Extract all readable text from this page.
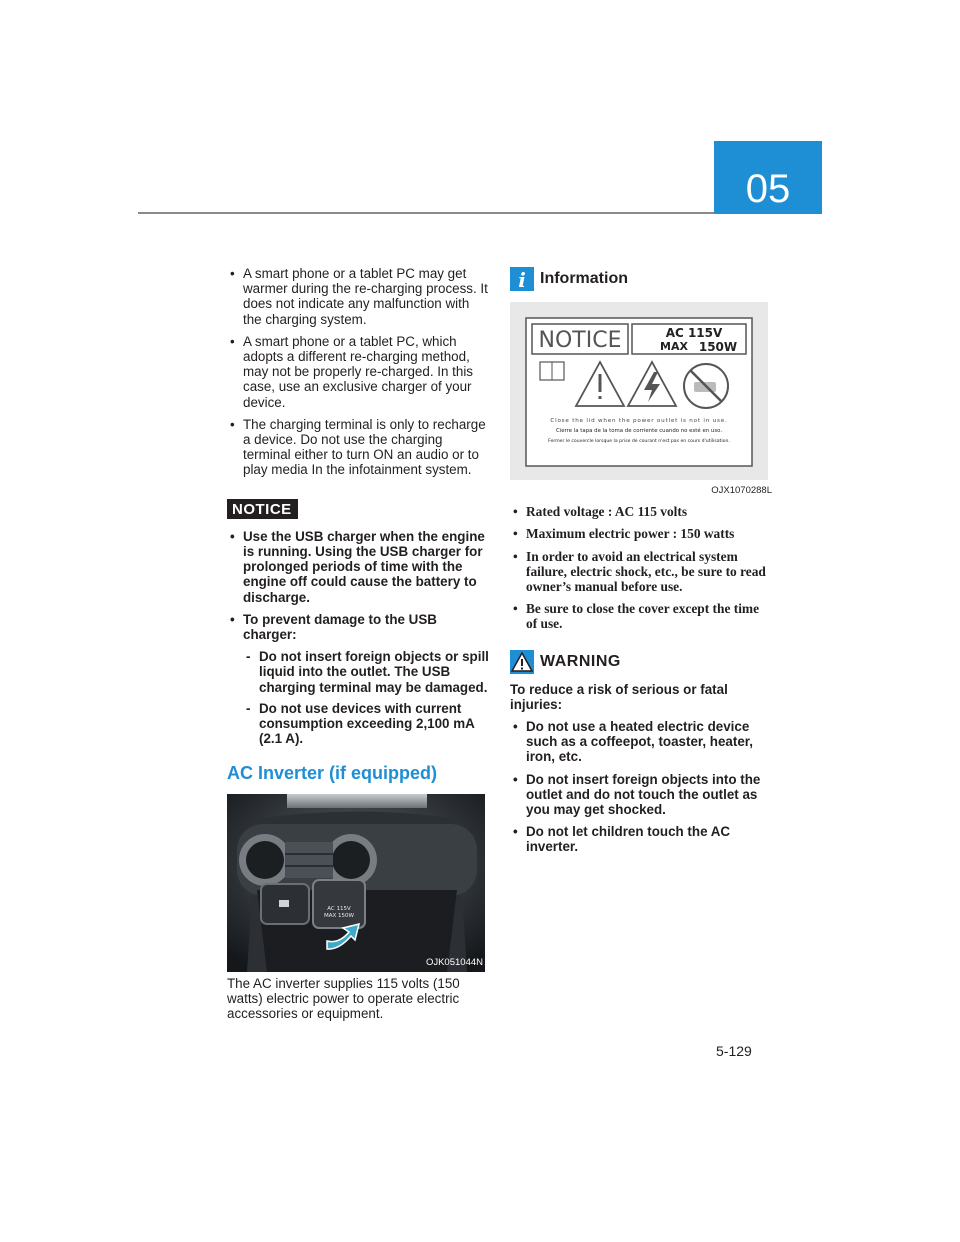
05
• A smart phone or a tablet PC may get warmer during the re-charging process. It does not indicate any malfunction with the charging system.
• A smart phone or a tablet PC, which adopts a different re-charging method, may not be properly re-charged. In this case, use an exclusive charger of your device.
• The charging terminal is only to recharge a device. Do not use the charging terminal either to turn ON an audio or to play media In the infotainment system.
NOTICE
• Use the USB charger when the engine is running. Using the USB charger for prolonged periods of time with the engine off could cause the battery to discharge.
• To prevent damage to the USB charger:
- Do not insert foreign objects or spill liquid into the outlet. The USB charging terminal may be damaged.
- Do not use devices with current consumption exceeding 2,100 mA (2.1 A).
AC Inverter (if equipped)
AC 115V
MAX 150W
OJK051044N
The AC inverter supplies 115 volts (150 watts) electric power to operate electric accessories or equipment.
i Information
NOTICE	AC 115V
MAX 150W
Close the lid when the power outlet is not in use.
Cierre la tapa de la toma de corriente cuando no esté en uso.
Fermer le couvercle lorsque la prise de courant n'est pas en cours d'utilisation.
OJX1070288L
• Rated voltage : AC 115 volts
• Maximum electric power : 150 watts
• In order to avoid an electrical system failure, electric shock, etc., be sure to read owner’s manual before use.
• Be sure to close the cover except the time of use.
WARNING
To reduce a risk of serious or fatal injuries:
• Do not use a heated electric device such as a coffeepot, toaster, heater, iron, etc.
• Do not insert foreign objects into the outlet and do not touch the outlet as you may get shocked.
• Do not let children touch the AC inverter.
5-129
